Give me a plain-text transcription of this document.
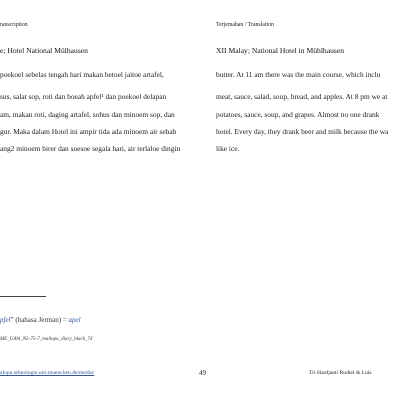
ranscription	Terjemahan / Translation
e; Hotel National Mülhausen	XII Malay; National Hotel in Mühlhausen
poekoel sebelas tengah hari makan betoel jaitoe artafel,
sus, salat sop, roti dan boeah apfel¹ dan poekoel delapan
am, makan roti, daging artafel, sohus dan minoem sop, dan
gur. Maka dalam Hotel ini ampir tida ada minoem air sebab
ang2 minoem birer dan soesoe segala hari, air terlaloe dingin
butter. At 11 am there was the main course, which inclu
meat, sauce, salad, soup, bread, and apples. At 8 pm we at
potatoes, sauce, soup, and grapes. Almost no one drank
hotel. Every day, they drank beer and milk because the wa
like ice.
pfel” (bahasa Jerman) = apel
ME_UAhl_NL-75-7_mailopu_diary_black_74
alopu.ethnologie.uni-muenchen.de/media/	49	Tri Hardjanti Rudiel & Luis
